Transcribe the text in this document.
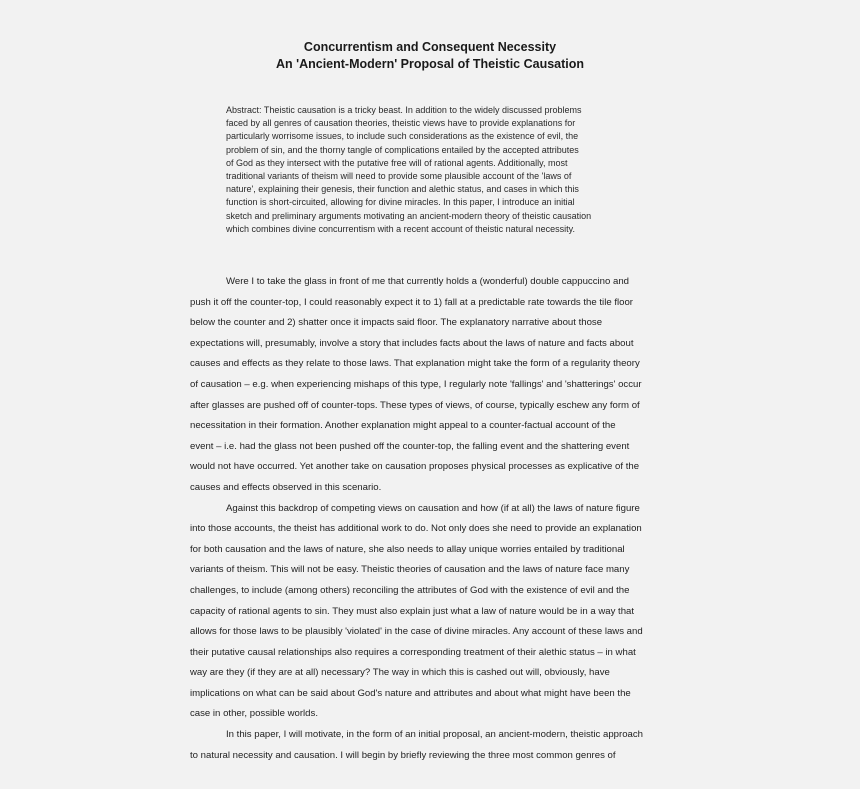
Concurrentism and Consequent Necessity
An 'Ancient-Modern' Proposal of Theistic Causation
Abstract: Theistic causation is a tricky beast. In addition to the widely discussed problems
faced by all genres of causation theories, theistic views have to provide explanations for
particularly worrisome issues, to include such considerations as the existence of evil, the
problem of sin, and the thorny tangle of complications entailed by the accepted attributes
of God as they intersect with the putative free will of rational agents. Additionally, most
traditional variants of theism will need to provide some plausible account of the 'laws of
nature', explaining their genesis, their function and alethic status, and cases in which this
function is short-circuited, allowing for divine miracles. In this paper, I introduce an initial
sketch and preliminary arguments motivating an ancient-modern theory of theistic causation
which combines divine concurrentism with a recent account of theistic natural necessity.
Were I to take the glass in front of me that currently holds a (wonderful) double cappuccino and
push it off the counter-top, I could reasonably expect it to 1) fall at a predictable rate towards the tile floor
below the counter and 2) shatter once it impacts said floor. The explanatory narrative about those
expectations will, presumably, involve a story that includes facts about the laws of nature and facts about
causes and effects as they relate to those laws. That explanation might take the form of a regularity theory
of causation – e.g. when experiencing mishaps of this type, I regularly note 'fallings' and 'shatterings' occur
after glasses are pushed off of counter-tops. These types of views, of course, typically eschew any form of
necessitation in their formation. Another explanation might appeal to a counter-factual account of the
event – i.e. had the glass not been pushed off the counter-top, the falling event and the shattering event
would not have occurred. Yet another take on causation proposes physical processes as explicative of the
causes and effects observed in this scenario.
Against this backdrop of competing views on causation and how (if at all) the laws of nature figure
into those accounts, the theist has additional work to do. Not only does she need to provide an explanation
for both causation and the laws of nature, she also needs to allay unique worries entailed by traditional
variants of theism. This will not be easy. Theistic theories of causation and the laws of nature face many
challenges, to include (among others) reconciling the attributes of God with the existence of evil and the
capacity of rational agents to sin. They must also explain just what a law of nature would be in a way that
allows for those laws to be plausibly 'violated' in the case of divine miracles. Any account of these laws and
their putative causal relationships also requires a corresponding treatment of their alethic status – in what
way are they (if they are at all) necessary? The way in which this is cashed out will, obviously, have
implications on what can be said about God's nature and attributes and about what might have been the
case in other, possible worlds.
In this paper, I will motivate, in the form of an initial proposal, an ancient-modern, theistic approach
to natural necessity and causation. I will begin by briefly reviewing the three most common genres of
